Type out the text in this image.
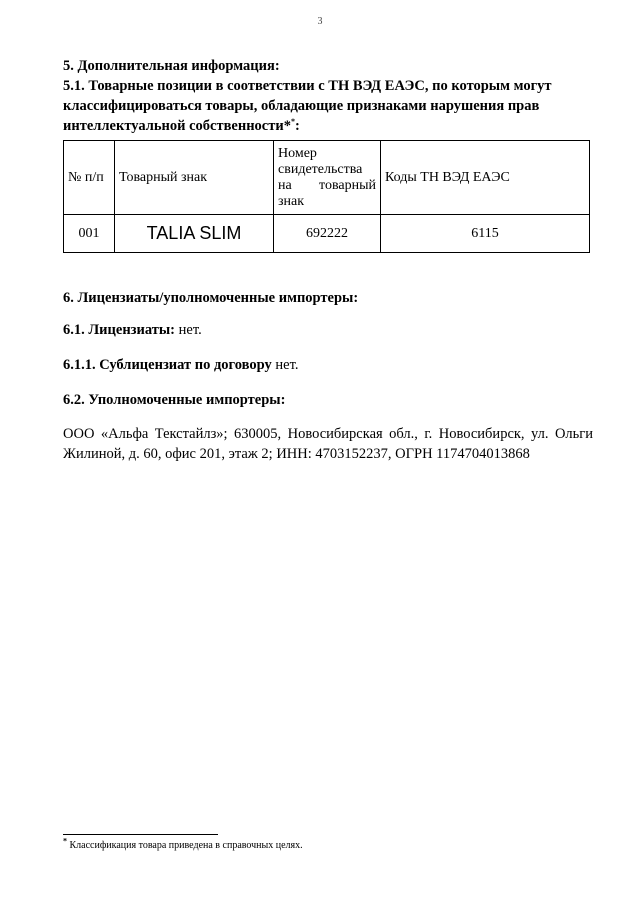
3

5. Дополнительная информация:

5.1. Товарные позиции в соответствии с ТН ВЭД ЕАЭС, по которым могут

классифицироваться товары, обладающие признаками нарушения прав

интеллектуальной собственности**:

№ п/п	Товарный знак	Номер свидетельства на товарный знак	Коды ТН ВЭД ЕАЭС
001	TALIA SLIM	692222	6115
6. Лицензиаты/уполномоченные импортеры:
6.1. Лицензиаты: нет.
6.1.1. Сублицензиат по договору нет.
6.2. Уполномоченные импортеры:
ООО «Альфа Текстайлз»; 630005, Новосибирская обл., г. Новосибирск, ул. Ольги Жилиной, д. 60, офис 201, этаж 2; ИНН: 4703152237, ОГРН 1174704013868
* Классификация товара приведена в справочных целях.
